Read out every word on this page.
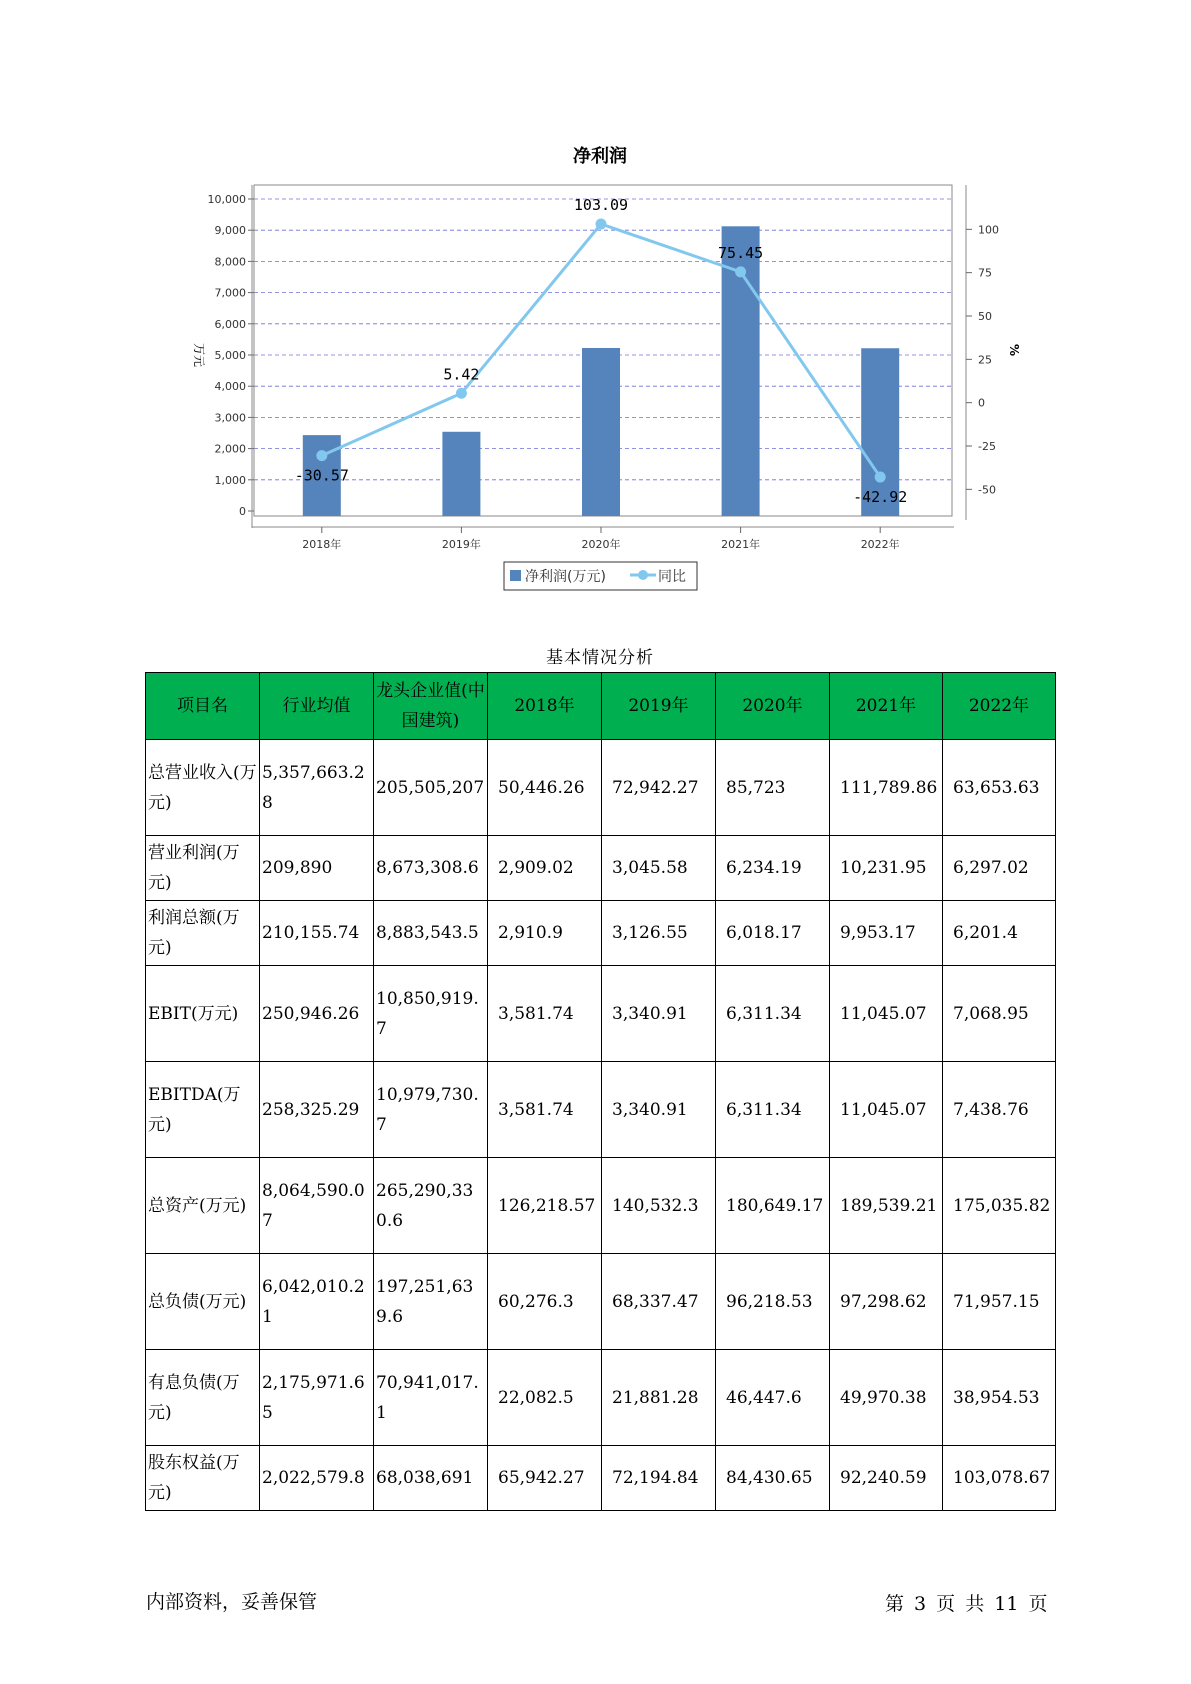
净利润
-30.57
5.42
103.09
75.45
-42.92
0
1,000
2,000
3,000
4,000
5,000
6,000
7,000
8,000
9,000
10,000
-50
-25
0
25
50
75
100
2018年	2019年	2020年	2021年	2022年
万元	%
净利润(万元)	同比
基本情况分析
项目名	行业均值	龙头企业值(中国建筑)	2018年	2019年	2020年	2021年	2022年
总营业收入(万元)	5,357,663.28	205,505,207	50,446.26	72,942.27	85,723	111,789.86	63,653.63
营业利润(万元)	209,890	8,673,308.6	2,909.02	3,045.58	6,234.19	10,231.95	6,297.02
利润总额(万元)	210,155.74	8,883,543.5	2,910.9	3,126.55	6,018.17	9,953.17	6,201.4
EBIT(万元)	250,946.26	10,850,919.7	3,581.74	3,340.91	6,311.34	11,045.07	7,068.95
EBITDA(万元)	258,325.29	10,979,730.7	3,581.74	3,340.91	6,311.34	11,045.07	7,438.76
总资产(万元)	8,064,590.07	265,290,330.6	126,218.57	140,532.3	180,649.17	189,539.21	175,035.82
总负债(万元)	6,042,010.21	197,251,639.6	60,276.3	68,337.47	96,218.53	97,298.62	71,957.15
有息负债(万元)	2,175,971.65	70,941,017.1	22,082.5	21,881.28	46,447.6	49,970.38	38,954.53
股东权益(万元)	2,022,579.8	68,038,691	65,942.27	72,194.84	84,430.65	92,240.59	103,078.67
内部资料，妥善保管	第 3 页 共 11 页
